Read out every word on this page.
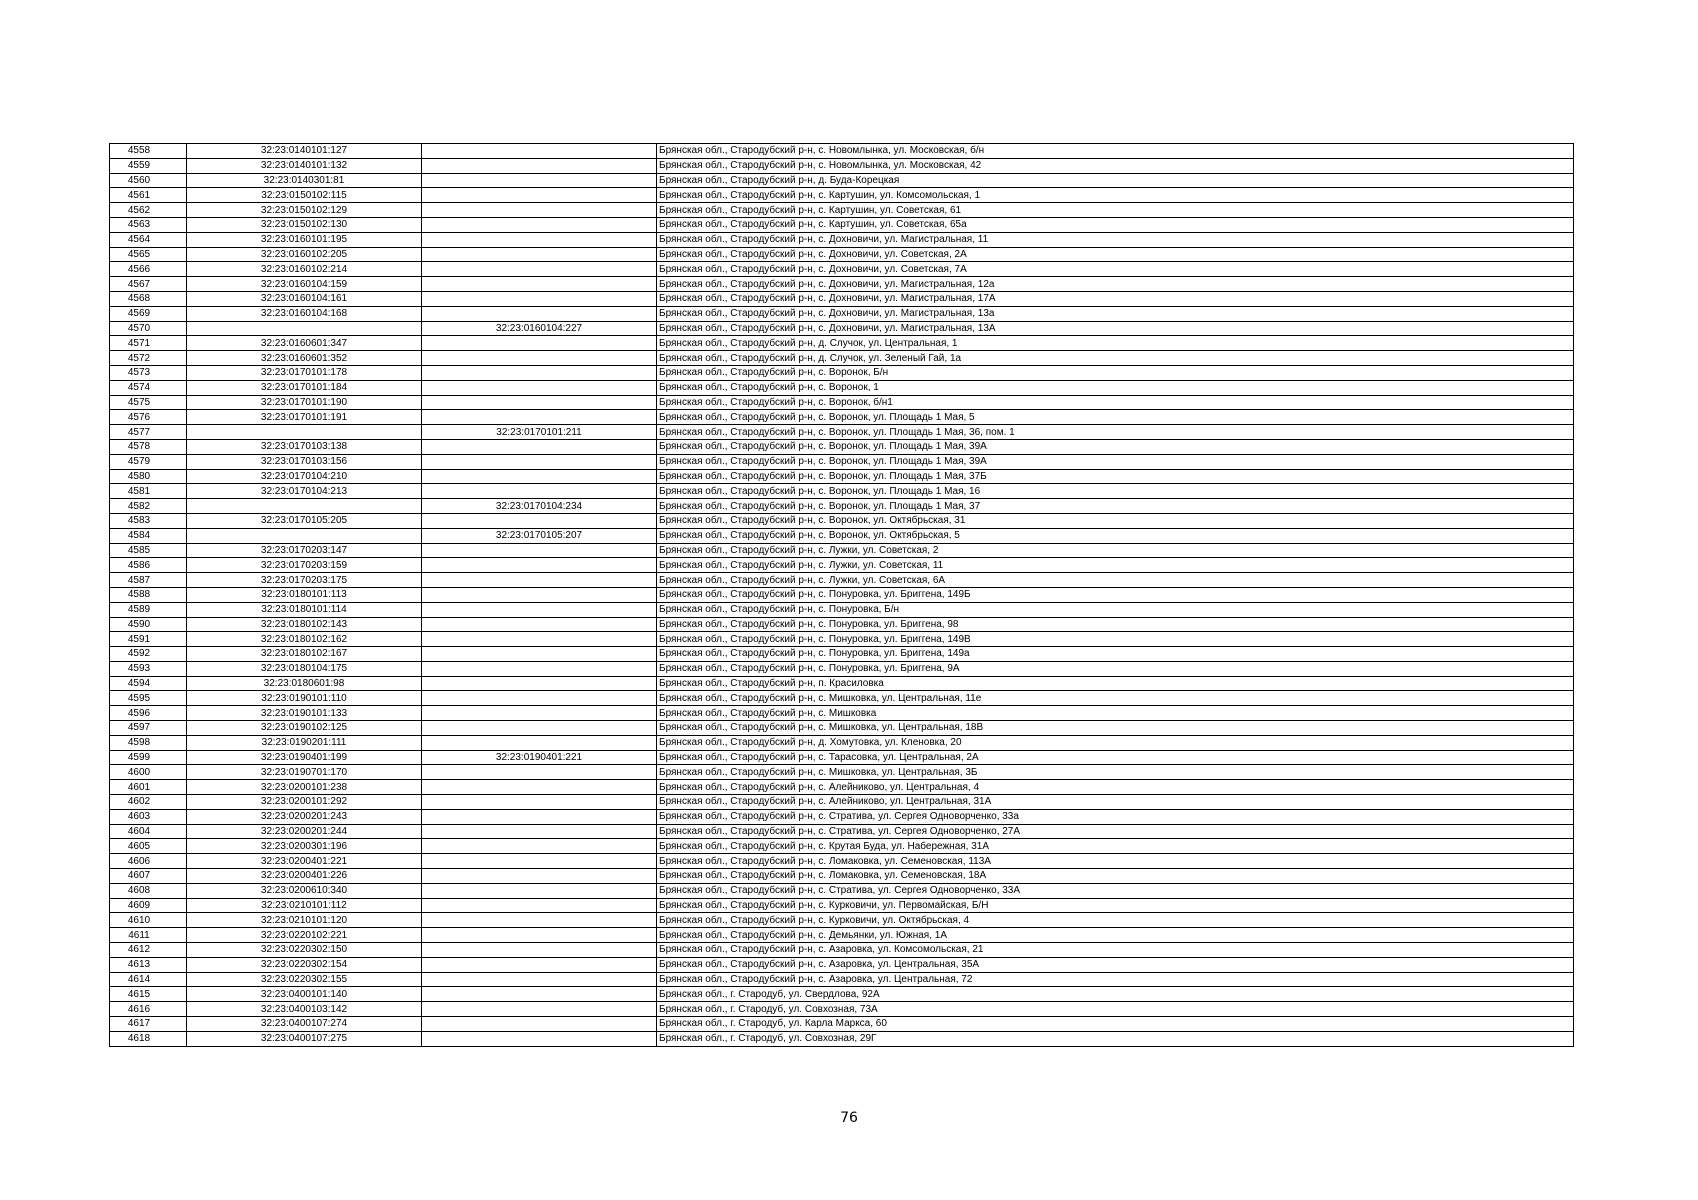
4558	32:23:0140101:127		Брянская обл., Стародубский р-н, с. Новомлынка, ул. Московская, б/н
4559	32:23:0140101:132		Брянская обл., Стародубский р-н, с. Новомлынка, ул. Московская, 42
4560	32:23:0140301:81		Брянская обл., Стародубский р-н, д. Буда-Корецкая
4561	32:23:0150102:115		Брянская обл., Стародубский р-н, с. Картушин, ул. Комсомольская, 1
4562	32:23:0150102:129		Брянская обл., Стародубский р-н, с. Картушин, ул. Советская, 61
4563	32:23:0150102:130		Брянская обл., Стародубский р-н, с. Картушин, ул. Советская, 65а
4564	32:23:0160101:195		Брянская обл., Стародубский р-н, с. Дохновичи, ул. Магистральная, 11
4565	32:23:0160102:205		Брянская обл., Стародубский р-н, с. Дохновичи, ул. Советская, 2А
4566	32:23:0160102:214		Брянская обл., Стародубский р-н, с. Дохновичи, ул. Советская, 7А
4567	32:23:0160104:159		Брянская обл., Стародубский р-н, с. Дохновичи, ул. Магистральная, 12а
4568	32:23:0160104:161		Брянская обл., Стародубский р-н, с. Дохновичи, ул. Магистральная, 17А
4569	32:23:0160104:168		Брянская обл., Стародубский р-н, с. Дохновичи, ул. Магистральная, 13а
4570		32:23:0160104:227	Брянская обл., Стародубский р-н, с. Дохновичи, ул. Магистральная, 13А
4571	32:23:0160601:347		Брянская обл., Стародубский р-н, д. Случок, ул. Центральная, 1
4572	32:23:0160601:352		Брянская обл., Стародубский р-н, д. Случок, ул. Зеленый Гай, 1а
4573	32:23:0170101:178		Брянская обл., Стародубский р-н, с. Воронок, Б/н
4574	32:23:0170101:184		Брянская обл., Стародубский р-н, с. Воронок, 1
4575	32:23:0170101:190		Брянская обл., Стародубский р-н, с. Воронок, б/н1
4576	32:23:0170101:191		Брянская обл., Стародубский р-н, с. Воронок, ул. Площадь 1 Мая, 5
4577		32:23:0170101:211	Брянская обл., Стародубский р-н, с. Воронок, ул. Площадь 1 Мая, 36, пом. 1
4578	32:23:0170103:138		Брянская обл., Стародубский р-н, с. Воронок, ул. Площадь 1 Мая, 39А
4579	32:23:0170103:156		Брянская обл., Стародубский р-н, с. Воронок, ул. Площадь 1 Мая, 39А
4580	32:23:0170104:210		Брянская обл., Стародубский р-н, с. Воронок, ул. Площадь 1 Мая, 37Б
4581	32:23:0170104:213		Брянская обл., Стародубский р-н, с. Воронок, ул. Площадь 1 Мая, 16
4582		32:23:0170104:234	Брянская обл., Стародубский р-н, с. Воронок, ул. Площадь 1 Мая, 37
4583	32:23:0170105:205		Брянская обл., Стародубский р-н, с. Воронок, ул. Октябрьская, 31
4584		32:23:0170105:207	Брянская обл., Стародубский р-н, с. Воронок, ул. Октябрьская, 5
4585	32:23:0170203:147		Брянская обл., Стародубский р-н, с. Лужки, ул. Советская, 2
4586	32:23:0170203:159		Брянская обл., Стародубский р-н, с. Лужки, ул. Советская, 11
4587	32:23:0170203:175		Брянская обл., Стародубский р-н, с. Лужки, ул. Советская, 6А
4588	32:23:0180101:113		Брянская обл., Стародубский р-н, с. Понуровка, ул. Бриггена, 149Б
4589	32:23:0180101:114		Брянская обл., Стародубский р-н, с. Понуровка, Б/н
4590	32:23:0180102:143		Брянская обл., Стародубский р-н, с. Понуровка, ул. Бриггена, 98
4591	32:23:0180102:162		Брянская обл., Стародубский р-н, с. Понуровка, ул. Бриггена, 149В
4592	32:23:0180102:167		Брянская обл., Стародубский р-н, с. Понуровка, ул. Бриггена, 149а
4593	32:23:0180104:175		Брянская обл., Стародубский р-н, с. Понуровка, ул. Бриггена, 9А
4594	32:23:0180601:98		Брянская обл., Стародубский р-н, п. Красиловка
4595	32:23:0190101:110		Брянская обл., Стародубский р-н, с. Мишковка, ул. Центральная, 11е
4596	32:23:0190101:133		Брянская обл., Стародубский р-н, с. Мишковка
4597	32:23:0190102:125		Брянская обл., Стародубский р-н, с. Мишковка, ул. Центральная, 18В
4598	32:23:0190201:111		Брянская обл., Стародубский р-н, д. Хомутовка, ул. Кленовка, 20
4599	32:23:0190401:199	32:23:0190401:221	Брянская обл., Стародубский р-н, с. Тарасовка, ул. Центральная, 2А
4600	32:23:0190701:170		Брянская обл., Стародубский р-н, с. Мишковка, ул. Центральная, 3Б
4601	32:23:0200101:238		Брянская обл., Стародубский р-н, с. Алейниково, ул. Центральная, 4
4602	32:23:0200101:292		Брянская обл., Стародубский р-н, с. Алейниково, ул. Центральная, 31А
4603	32:23:0200201:243		Брянская обл., Стародубский р-н, с. Стратива, ул. Сергея Одноворченко, 33а
4604	32:23:0200201:244		Брянская обл., Стародубский р-н, с. Стратива, ул. Сергея Одноворченко, 27А
4605	32:23:0200301:196		Брянская обл., Стародубский р-н, с. Крутая Буда, ул. Набережная, 31А
4606	32:23:0200401:221		Брянская обл., Стародубский р-н, с. Ломаковка, ул. Семеновская, 113А
4607	32:23:0200401:226		Брянская обл., Стародубский р-н, с. Ломаковка, ул. Семеновская, 18А
4608	32:23:0200610:340		Брянская обл., Стародубский р-н, с. Стратива, ул. Сергея Одноворченко, 33А
4609	32:23:0210101:112		Брянская обл., Стародубский р-н, с. Курковичи, ул. Первомайская, Б/Н
4610	32:23:0210101:120		Брянская обл., Стародубский р-н, с. Курковичи, ул. Октябрьская, 4
4611	32:23:0220102:221		Брянская обл., Стародубский р-н, с. Демьянки, ул. Южная, 1А
4612	32:23:0220302:150		Брянская обл., Стародубский р-н, с. Азаровка, ул. Комсомольская, 21
4613	32:23:0220302:154		Брянская обл., Стародубский р-н, с. Азаровка, ул. Центральная, 35А
4614	32:23:0220302:155		Брянская обл., Стародубский р-н, с. Азаровка, ул. Центральная, 72
4615	32:23:0400101:140		Брянская обл., г. Стародуб, ул. Свердлова, 92А
4616	32:23:0400103:142		Брянская обл., г. Стародуб, ул. Совхозная, 73А
4617	32:23:0400107:274		Брянская обл., г. Стародуб, ул. Карла Маркса, 60
4618	32:23:0400107:275		Брянская обл., г. Стародуб, ул. Совхозная, 29Г
76
